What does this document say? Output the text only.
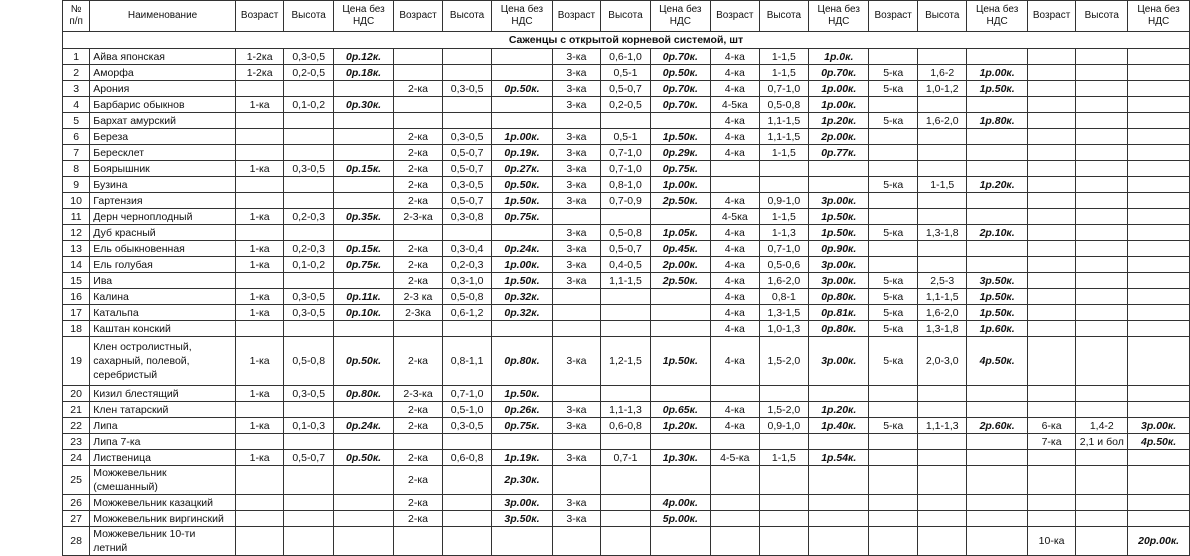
№ п/п	Наименование	Возраст	Высота	Цена без НДС	Возраст	Высота	Цена без НДС	Возраст	Высота	Цена без НДС	Возраст	Высота	Цена без НДС	Возраст	Высота	Цена без НДС	Возраст	Высота	Цена без НДС
Саженцы с открытой корневой системой, шт																			
1	Айва японская	1-2ка	0,3-0,5	0р.12к.				3-ка	0,6-1,0	0р.70к.	4-ка	1-1,5	1р.0к.						
2	Аморфа	1-2ка	0,2-0,5	0р.18к.				3-ка	0,5-1	0р.50к.	4-ка	1-1,5	0р.70к.	5-ка	1,6-2	1р.00к.			
3	Арония				2-ка	0,3-0,5	0р.50к.	3-ка	0,5-0,7	0р.70к.	4-ка	0,7-1,0	1р.00к.	5-ка	1,0-1,2	1р.50к.			
4	Барбарис обыкнов	1-ка	0,1-0,2	0р.30к.				3-ка	0,2-0,5	0р.70к.	4-5ка	0,5-0,8	1р.00к.						
5	Бархат амурский										4-ка	1,1-1,5	1р.20к.	5-ка	1,6-2,0	1р.80к.			
6	Береза				2-ка	0,3-0,5	1р.00к.	3-ка	0,5-1	1р.50к.	4-ка	1,1-1,5	2р.00к.						
7	Бересклет				2-ка	0,5-0,7	0р.19к.	3-ка	0,7-1,0	0р.29к.	4-ка	1-1,5	0р.77к.						
8	Боярышник	1-ка	0,3-0,5	0р.15к.	2-ка	0,5-0,7	0р.27к.	3-ка	0,7-1,0	0р.75к.									
9	Бузина				2-ка	0,3-0,5	0р.50к.	3-ка	0,8-1,0	1р.00к.				5-ка	1-1,5	1р.20к.			
10	Гартензия				2-ка	0,5-0,7	1р.50к.	3-ка	0,7-0,9	2р.50к.	4-ка	0,9-1,0	3р.00к.						
11	Дерн черноплодный	1-ка	0,2-0,3	0р.35к.	2-3-ка	0,3-0,8	0р.75к.				4-5ка	1-1,5	1р.50к.						
12	Дуб красный							3-ка	0,5-0,8	1р.05к.	4-ка	1-1,3	1р.50к.	5-ка	1,3-1,8	2р.10к.			
13	Ель обыкновенная	1-ка	0,2-0,3	0р.15к.	2-ка	0,3-0,4	0р.24к.	3-ка	0,5-0,7	0р.45к.	4-ка	0,7-1,0	0р.90к.						
14	Ель голубая	1-ка	0,1-0,2	0р.75к.	2-ка	0,2-0,3	1р.00к.	3-ка	0,4-0,5	2р.00к.	4-ка	0,5-0,6	3р.00к.						
15	Ива				2-ка	0,3-1,0	1р.50к.	3-ка	1,1-1,5	2р.50к.	4-ка	1,6-2,0	3р.00к.	5-ка	2,5-3	3р.50к.			
16	Калина	1-ка	0,3-0,5	0р.11к.	2-3 ка	0,5-0,8	0р.32к.				4-ка	0,8-1	0р.80к.	5-ка	1,1-1,5	1р.50к.			
17	Катальпа	1-ка	0,3-0,5	0р.10к.	2-3ка	0,6-1,2	0р.32к.				4-ка	1,3-1,5	0р.81к.	5-ка	1,6-2,0	1р.50к.			
18	Каштан конский										4-ка	1,0-1,3	0р.80к.	5-ка	1,3-1,8	1р.60к.			
19	Клен остролистный, сахарный, полевой, серебристый	1-ка	0,5-0,8	0р.50к.	2-ка	0,8-1,1	0р.80к.	3-ка	1,2-1,5	1р.50к.	4-ка	1,5-2,0	3р.00к.	5-ка	2,0-3,0	4р.50к.			
20	Кизил блестящий	1-ка	0,3-0,5	0р.80к.	2-3-ка	0,7-1,0	1р.50к.												
21	Клен татарский				2-ка	0,5-1,0	0р.26к.	3-ка	1,1-1,3	0р.65к.	4-ка	1,5-2,0	1р.20к.						
22	Липа	1-ка	0,1-0,3	0р.24к.	2-ка	0,3-0,5	0р.75к.	3-ка	0,6-0,8	1р.20к.	4-ка	0,9-1,0	1р.40к.	5-ка	1,1-1,3	2р.60к.	6-ка	1,4-2	3р.00к.
23	Липа 7-ка																7-ка	2,1 и бол	4р.50к.
24	Лиственица	1-ка	0,5-0,7	0р.50к.	2-ка	0,6-0,8	1р.19к.	3-ка	0,7-1	1р.30к.	4-5-ка	1-1,5	1р.54к.						
25	Можжевельник (смешанный)				2-ка		2р.30к.												
26	Можжевельник казацкий				2-ка		3р.00к.	3-ка		4р.00к.									
27	Можжевельник виргинский				2-ка		3р.50к.	3-ка		5р.00к.									
28	Можжевельник 10-ти летний																10-ка		20р.00к.
